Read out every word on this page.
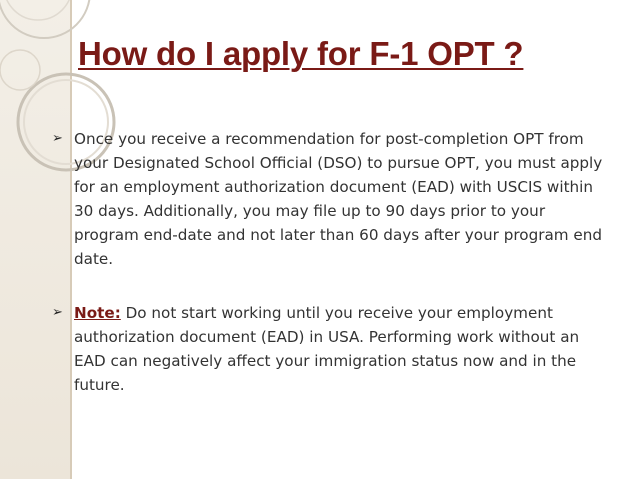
How do I apply for F-1 OPT ?
➢ Once you receive a recommendation for post-completion OPT from your Designated School Official (DSO) to pursue OPT, you must apply for an employment authorization document (EAD) with USCIS within 30 days. Additionally, you may file up to 90 days prior to your program end-date and not later than 60 days after your program end date.
➢ Note: Do not start working until you receive your employment authorization document (EAD) in USA. Performing work without an EAD can negatively affect your immigration status now and in the future.
